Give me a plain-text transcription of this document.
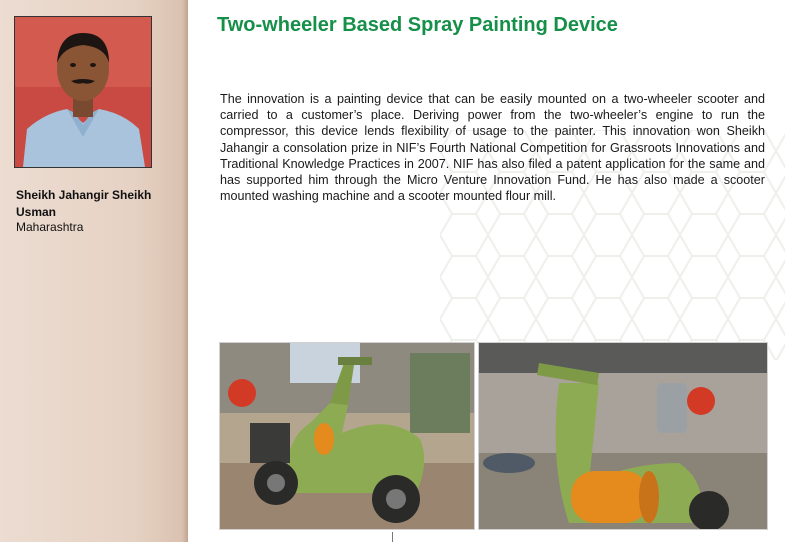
Sheikh Jahangir Sheikh Usman
Maharashtra
Two-wheeler Based Spray Painting Device

The innovation is a painting device that can be easily mounted on a two-wheeler scooter and carried to a customer’s place. Deriving power from the two-wheeler’s engine to run the compressor, this device lends flexibility of usage to the painter. This innovation won Sheikh Jahangir a consolation prize in NIF’s Fourth National Competition for Grassroots Innovations and Traditional Knowledge Practices in 2007. NIF has also filed a patent application for the same and has supported him through the Micro Venture Innovation Fund. He has also made a scooter mounted washing machine and a scooter mounted flour mill.
